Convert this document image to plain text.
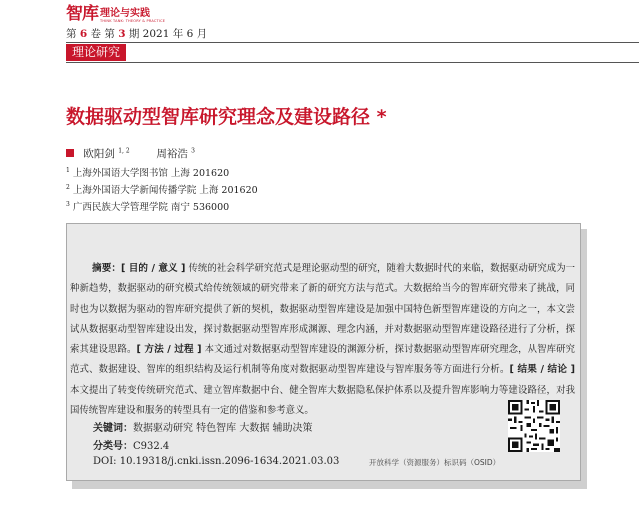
智库 理论与实践
THINK TANK: THEORY & PRACTICE
第 6 卷 第 3 期 2021 年 6 月
理论研究
数据驱动型智库研究理念及建设路径 *
欧阳剑 $^{1, 2}$	周裕浩 $^3$
$^1$ 上海外国语大学图书馆 上海 201620
$^2$ 上海外国语大学新闻传播学院 上海 201620
$^3$ 广西民族大学管理学院 南宁 536000
摘要：[ 目的 / 意义 ] 传统的社会科学研究范式是理论驱动型的研究，随着大数据时代的来临，数据驱动研究成为一种新趋势，数据驱动的研究模式给传统领域的研究带来了新的研究方法与范式。大数据给当今的智库研究带来了挑战，同时也为以数据为驱动的智库研究提供了新的契机，数据驱动型智库建设是加强中国特色新型智库建设的方向之一，本文尝试从数据驱动型智库建设出发，探讨数据驱动型智库形成渊源、理念内涵，并对数据驱动型智库建设路径进行了分析，探索其建设思路。[ 方法 / 过程 ] 本文通过对数据驱动型智库建设的渊源分析，探讨数据驱动型智库研究理念，从智库研究范式、数据建设、智库的组织结构及运行机制等角度对数据驱动型智库建设与智库服务等方面进行分析。[ 结果 / 结论 ] 本文提出了转变传统研究范式、建立智库数据中台、健全智库大数据隐私保护体系以及提升智库影响力等建设路径，对我国传统智库建设和服务的转型具有一定的借鉴和参考意义。
关键词：数据驱动研究 特色智库 大数据 辅助决策
分类号：C932.4
DOI: 10.19318/j.cnki.issn.2096-1634.2021.03.03	开放科学（资源服务）标识码（OSID）
